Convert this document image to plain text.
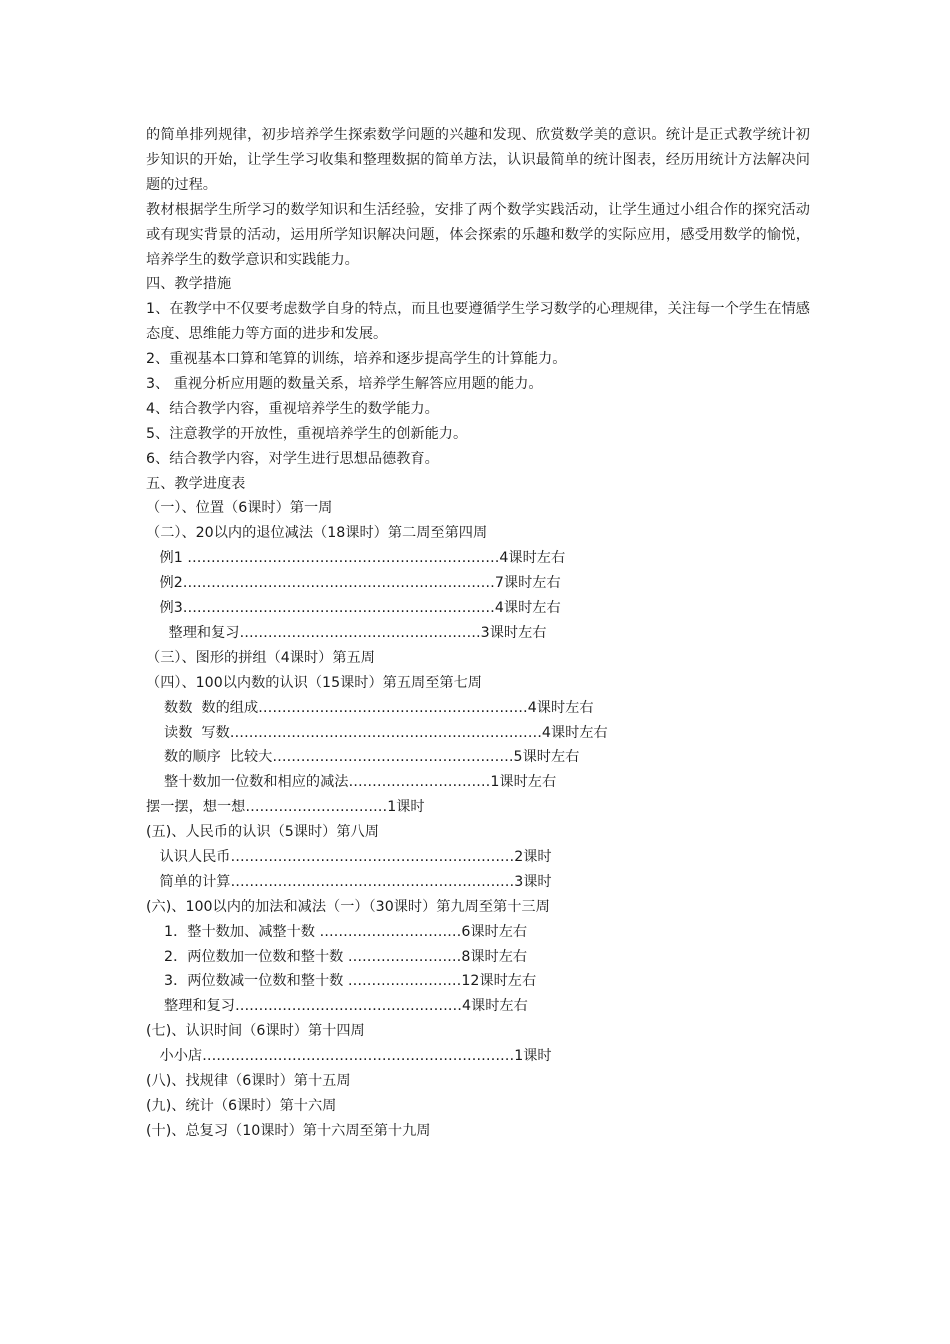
的简单排列规律，初步培养学生探索数学问题的兴趣和发现、欣赏数学美的意识。统计是正式教学统计初步知识的开始，让学生学习收集和整理数据的简单方法，认识最简单的统计图表，经历用统计方法解决问题的过程。

教材根据学生所学习的数学知识和生活经验，安排了两个数学实践活动，让学生通过小组合作的探究活动或有现实背景的活动，运用所学知识解决问题，体会探索的乐趣和数学的实际应用，感受用数学的愉悦，培养学生的数学意识和实践能力。

四、教学措施

1、在教学中不仅要考虑数学自身的特点，而且也要遵循学生学习数学的心理规律，关注每一个学生在情感态度、思维能力等方面的进步和发展。

2、重视基本口算和笔算的训练，培养和逐步提高学生的计算能力。

3、 重视分析应用题的数量关系，培养学生解答应用题的能力。

4、结合教学内容，重视培养学生的数学能力。

5、注意教学的开放性，重视培养学生的创新能力。

6、结合教学内容，对学生进行思想品德教育。

五、教学进度表

（一）、位置（6课时）第一周

（二）、20以内的退位减法（18课时）第二周至第四周

例1 …………………………………………………………4课时左右

例2…………………………………………………………7课时左右

例3…………………………………………………………4课时左右

整理和复习……………………………………………3课时左右

（三）、图形的拼组（4课时）第五周

（四）、100以内数的认识（15课时）第五周至第七周

数数  数的组成…………………………………………………4课时左右

读数  写数…………………………………………………………4课时左右

数的顺序  比较大……………………………………………5课时左右

整十数加一位数和相应的减法…………………………1课时左右

摆一摆，想一想…………………………1课时

(五)、人民币的认识（5课时）第八周

认识人民币……………………………………………………2课时

简单的计算……………………………………………………3课时

(六)、100以内的加法和减法（一）（30课时）第九周至第十三周

1．整十数加、减整十数 …………………………6课时左右

2．两位数加一位数和整十数 ……………………8课时左右

3．两位数减一位数和整十数 ……………………12课时左右

整理和复习…………………………………………4课时左右

(七)、认识时间（6课时）第十四周

小小店…………………………………………………………1课时

(八)、找规律（6课时）第十五周

(九)、统计（6课时）第十六周

(十)、总复习（10课时）第十六周至第十九周
